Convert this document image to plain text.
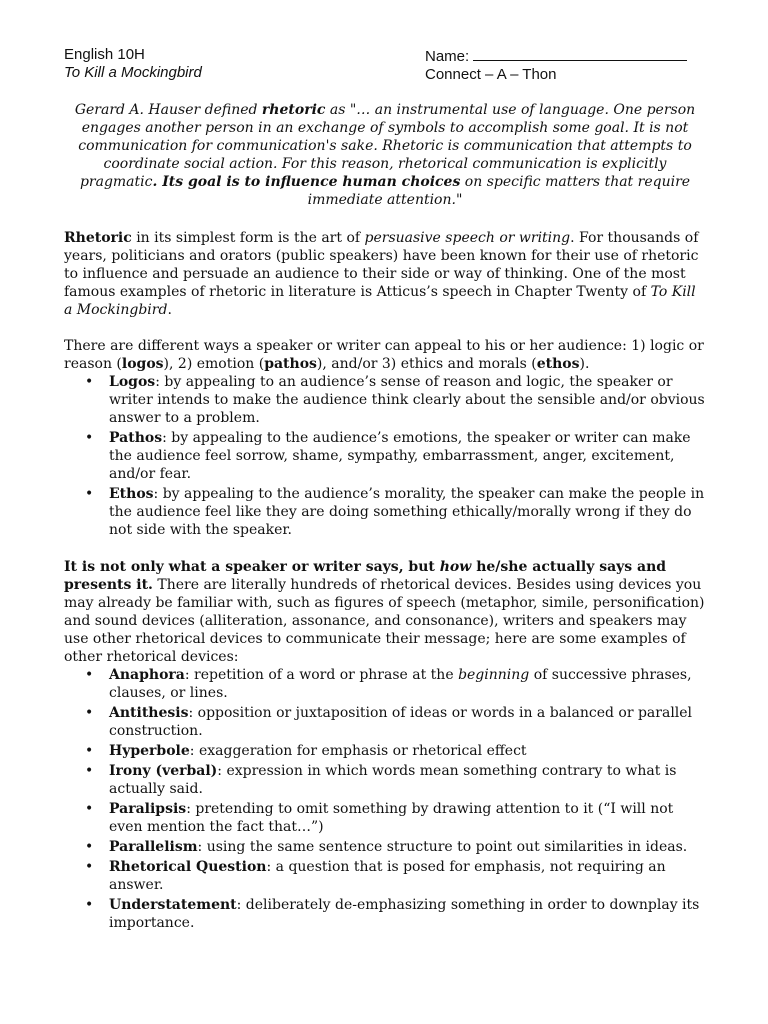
English 10H
To Kill a Mockingbird
Name:
Connect – A – Thon
Gerard A. Hauser defined rhetoric as "… an instrumental use of language. One person engages another person in an exchange of symbols to accomplish some goal. It is not communication for communication's sake. Rhetoric is communication that attempts to coordinate social action. For this reason, rhetorical communication is explicitly pragmatic. Its goal is to influence human choices on specific matters that require immediate attention."

Rhetoric in its simplest form is the art of persuasive speech or writing. For thousands of years, politicians and orators (public speakers) have been known for their use of rhetoric to influence and persuade an audience to their side or way of thinking. One of the most famous examples of rhetoric in literature is Atticus’s speech in Chapter Twenty of To Kill a Mockingbird.

There are different ways a speaker or writer can appeal to his or her audience: 1) logic or reason (logos), 2) emotion (pathos), and/or 3) ethics and morals (ethos).

• Logos: by appealing to an audience’s sense of reason and logic, the speaker or writer intends to make the audience think clearly about the sensible and/or obvious answer to a problem.
• Pathos: by appealing to the audience’s emotions, the speaker or writer can make the audience feel sorrow, shame, sympathy, embarrassment, anger, excitement, and/or fear.
• Ethos: by appealing to the audience’s morality, the speaker can make the people in the audience feel like they are doing something ethically/morally wrong if they do not side with the speaker.

It is not only what a speaker or writer says, but how he/she actually says and presents it. There are literally hundreds of rhetorical devices. Besides using devices you may already be familiar with, such as figures of speech (metaphor, simile, personification) and sound devices (alliteration, assonance, and consonance), writers and speakers may use other rhetorical devices to communicate their message; here are some examples of other rhetorical devices:

• Anaphora: repetition of a word or phrase at the beginning of successive phrases, clauses, or lines.
• Antithesis: opposition or juxtaposition of ideas or words in a balanced or parallel construction.
• Hyperbole: exaggeration for emphasis or rhetorical effect
• Irony (verbal): expression in which words mean something contrary to what is actually said.
• Paralipsis: pretending to omit something by drawing attention to it (“I will not even mention the fact that…”)
• Parallelism: using the same sentence structure to point out similarities in ideas.
• Rhetorical Question: a question that is posed for emphasis, not requiring an answer.
• Understatement: deliberately de-emphasizing something in order to downplay its importance.
